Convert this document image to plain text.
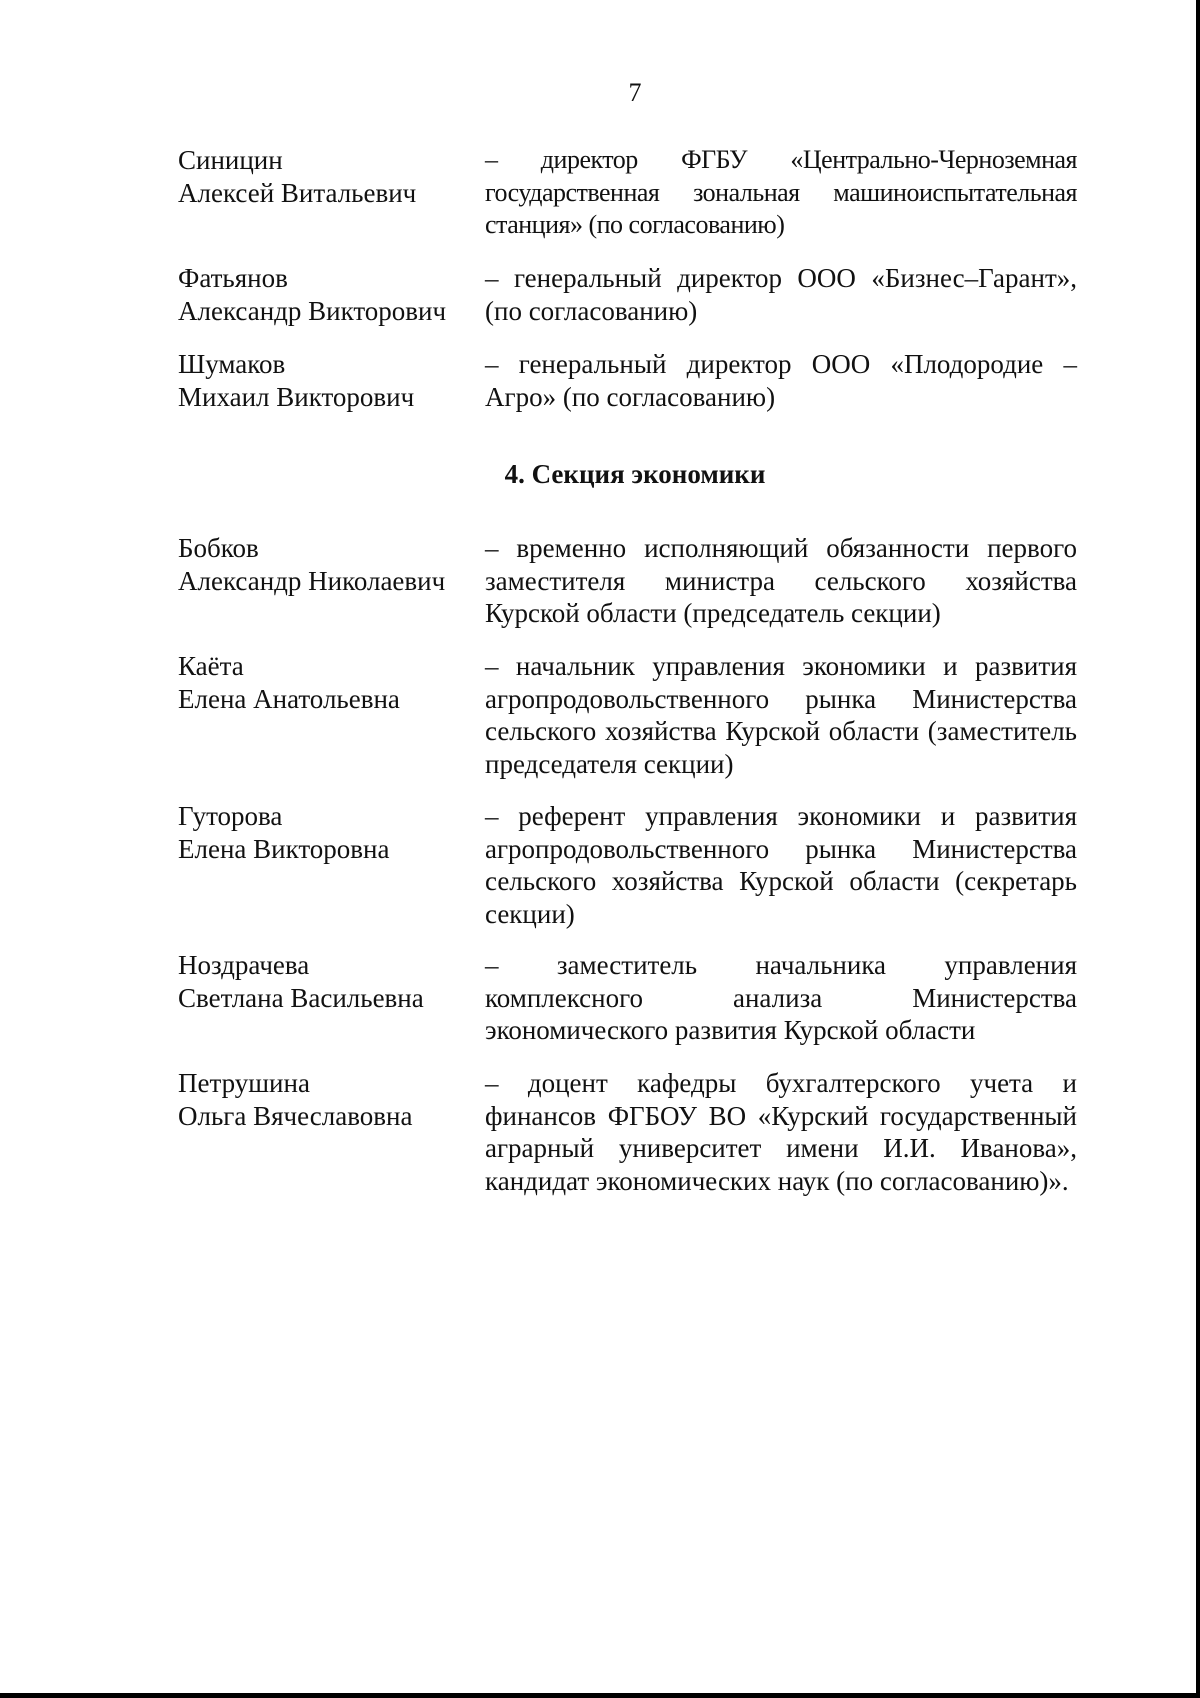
7
Синицин
Алексей Витальевич
– директор ФГБУ «Центрально-Черноземная государственная зональная машиноиспытательная станция» (по согласованию)
Фатьянов
Александр Викторович
– генеральный директор ООО «Бизнес–Гарант», (по согласованию)
Шумаков
Михаил Викторович
– генеральный директор ООО «Плодородие – Агро» (по согласованию)
4. Секция экономики
Бобков
Александр Николаевич
– временно исполняющий обязанности первого заместителя министра сельского хозяйства Курской области (председатель секции)
Каёта
Елена Анатольевна
– начальник управления экономики и развития агропродовольственного рынка Министерства сельского хозяйства Курской области (заместитель председателя секции)
Гуторова
Елена Викторовна
– референт управления экономики и развития агропродовольственного рынка Министерства сельского хозяйства Курской области (секретарь секции)
Ноздрачева
Светлана Васильевна
– заместитель начальника управления комплексного анализа Министерства экономического развития Курской области
Петрушина
Ольга Вячеславовна
– доцент кафедры бухгалтерского учета и финансов ФГБОУ ВО «Курский государственный аграрный университет имени И.И. Иванова», кандидат экономических наук (по согласованию)».
